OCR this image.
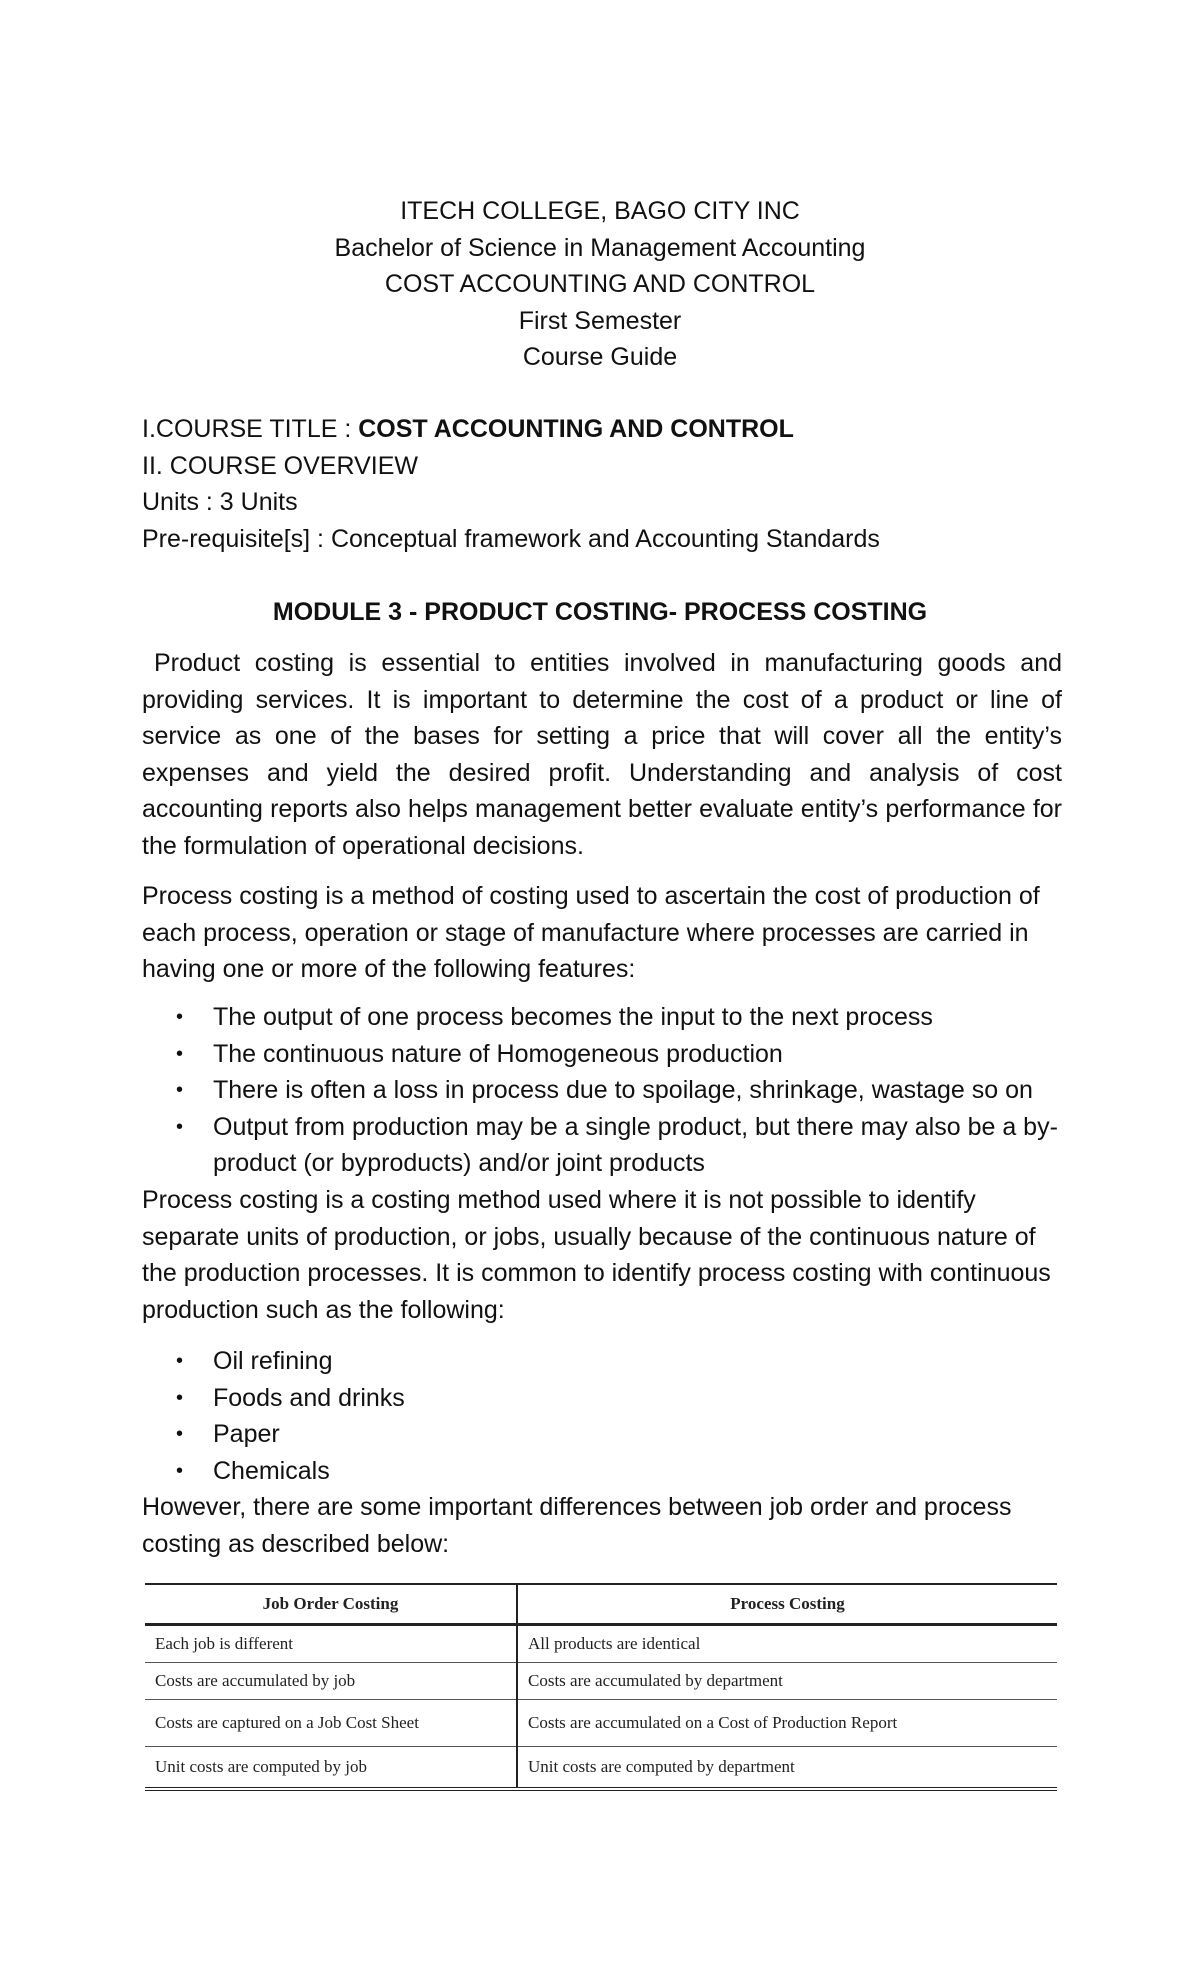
ITECH COLLEGE, BAGO CITY INC
Bachelor of Science in Management Accounting
COST ACCOUNTING AND CONTROL
First Semester
Course Guide
I.COURSE TITLE : COST ACCOUNTING AND CONTROL
II. COURSE OVERVIEW
Units : 3 Units
Pre-requisite[s] : Conceptual framework and Accounting Standards
MODULE 3 - PRODUCT COSTING- PROCESS COSTING
Product costing is essential to entities involved in manufacturing goods and providing services. It is important to determine the cost of a product or line of service as one of the bases for setting a price that will cover all the entity’s expenses and yield the desired profit. Understanding and analysis of cost accounting reports also helps management better evaluate entity’s performance for the formulation of operational decisions.
Process costing is a method of costing used to ascertain the cost of production of each process, operation or stage of manufacture where processes are carried in having one or more of the following features:
• The output of one process becomes the input to the next process
• The continuous nature of Homogeneous production
• There is often a loss in process due to spoilage, shrinkage, wastage so on
• Output from production may be a single product, but there may also be a by-product (or byproducts) and/or joint products
Process costing is a costing method used where it is not possible to identify separate units of production, or jobs, usually because of the continuous nature of the production processes. It is common to identify process costing with continuous production such as the following:
• Oil refining
• Foods and drinks
• Paper
• Chemicals
However, there are some important differences between job order and process costing as described below:
Job Order Costing	Process Costing
Each job is different	All products are identical
Costs are accumulated by job	Costs are accumulated by department
Costs are captured on a Job Cost Sheet	Costs are accumulated on a Cost of Production Report
Unit costs are computed by job	Unit costs are computed by department
